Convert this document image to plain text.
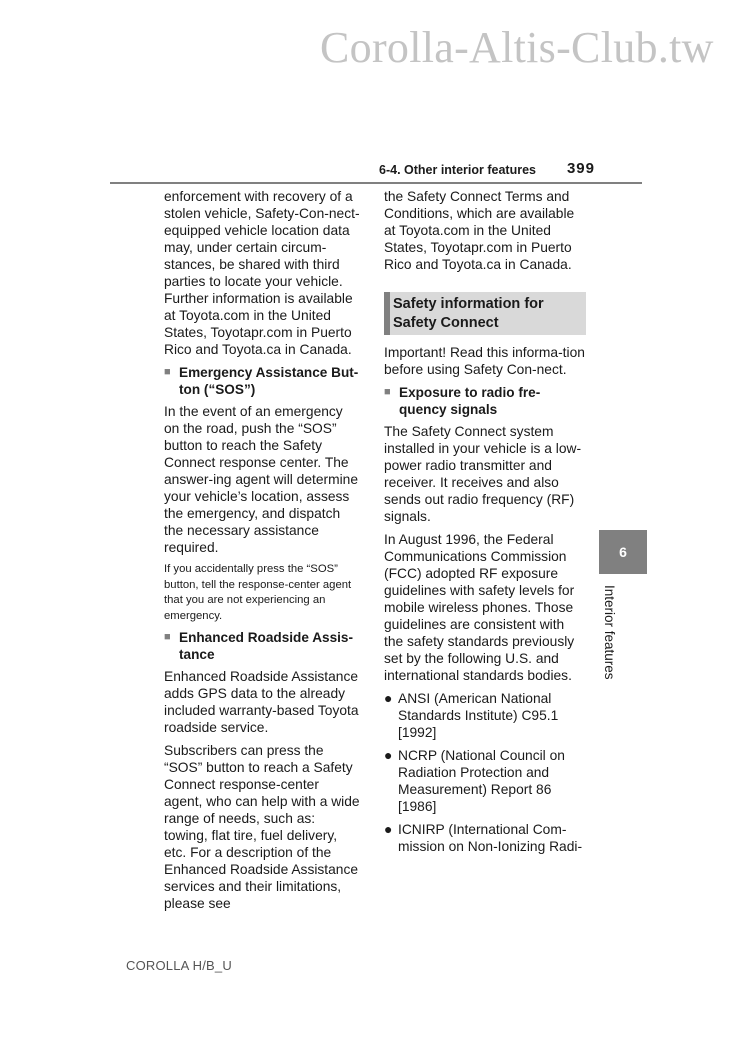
Corolla-Altis-Club.tw
6-4. Other interior features	399

enforcement with recovery of a stolen vehicle, Safety-Con-nect-equipped vehicle location data may, under certain circum-stances, be shared with third parties to locate your vehicle. Further information is available at Toyota.com in the United States, Toyotapr.com in Puerto Rico and Toyota.ca in Canada.

■ Emergency Assistance But-ton (“SOS”)

In the event of an emergency on the road, push the “SOS” button to reach the Safety Connect response center. The answer-ing agent will determine your vehicle’s location, assess the emergency, and dispatch the necessary assistance required.

If you accidentally press the “SOS” button, tell the response-center agent that you are not experiencing an emergency.

■ Enhanced Roadside Assis-tance

Enhanced Roadside Assistance adds GPS data to the already included warranty-based Toyota roadside service.

Subscribers can press the “SOS” button to reach a Safety Connect response-center agent, who can help with a wide range of needs, such as: towing, flat tire, fuel delivery, etc. For a description of the Enhanced Roadside Assistance services and their limitations, please see

the Safety Connect Terms and Conditions, which are available at Toyota.com in the United States, Toyotapr.com in Puerto Rico and Toyota.ca in Canada.

Safety information for Safety Connect

Important! Read this informa-tion before using Safety Con-nect.

■ Exposure to radio fre-quency signals

The Safety Connect system installed in your vehicle is a low-power radio transmitter and receiver. It receives and also sends out radio frequency (RF) signals.

In August 1996, the Federal Communications Commission (FCC) adopted RF exposure guidelines with safety levels for mobile wireless phones. Those guidelines are consistent with the safety standards previously set by the following U.S. and international standards bodies.

● ANSI (American National Standards Institute) C95.1 [1992]
● NCRP (National Council on Radiation Protection and Measurement) Report 86 [1986]
● ICNIRP (International Com-mission on Non-Ionizing Radi-
6
Interior features
COROLLA H/B_U
